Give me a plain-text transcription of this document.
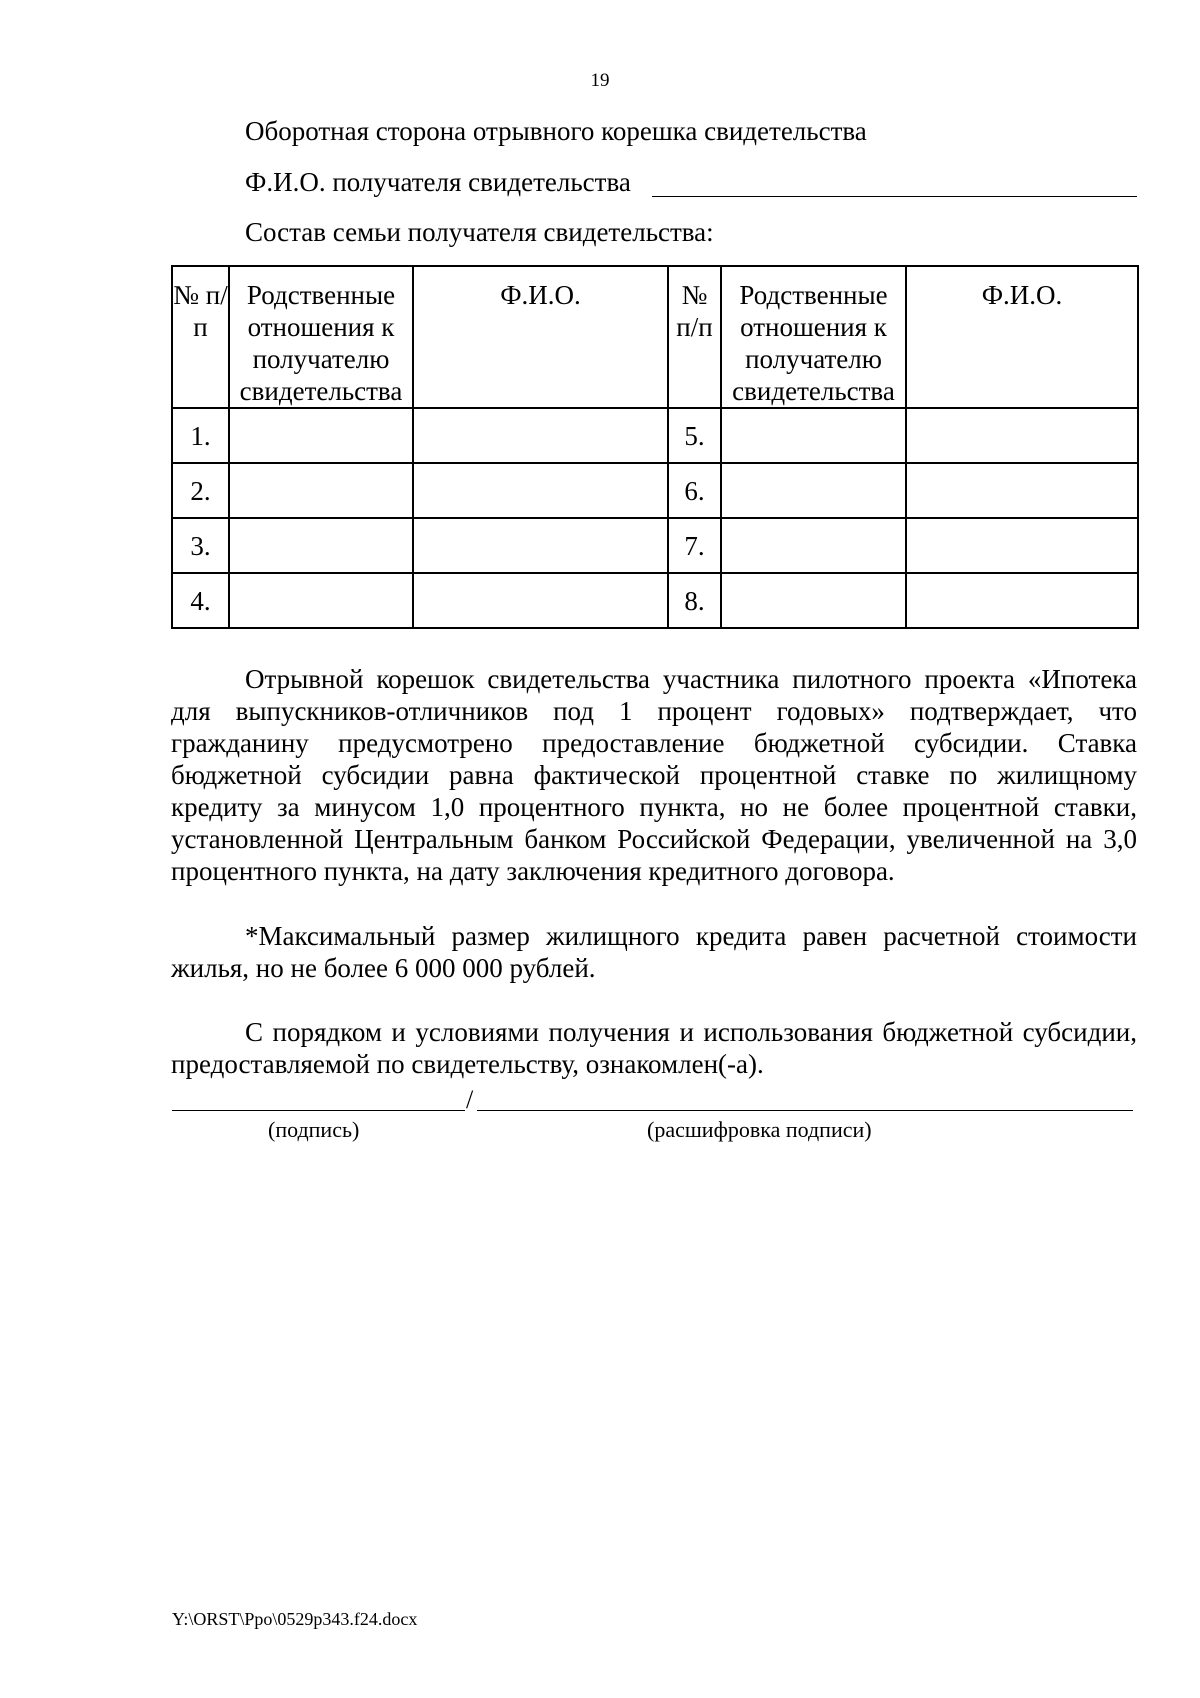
19
Оборотная сторона отрывного корешка свидетельства
Ф.И.О. получателя свидетельства
Состав семьи получателя свидетельства:
№ п/п	Родственные отношения к получателю свидетельства	Ф.И.О.	№ п/п	Родственные отношения к получателю свидетельства	Ф.И.О.
1.			5.		
2.			6.		
3.			7.		
4.			8.		

Отрывной корешок свидетельства участника пилотного проекта «Ипотека для выпускников-отличников под 1 процент годовых» подтверждает, что гражданину предусмотрено предоставление бюджетной субсидии. Ставка бюджетной субсидии равна фактической процентной ставке по жилищному кредиту за минусом 1,0 процентного пункта, но не более процентной ставки, установленной Центральным банком Российской Федерации, увеличенной на 3,0 процентного пункта, на дату заключения кредитного договора.

*Максимальный размер жилищного кредита равен расчетной стоимости жилья, но не более 6 000 000 рублей.

С порядком и условиями получения и использования бюджетной субсидии, предоставляемой по свидетельству, ознакомлен(-а).

/
(подпись)	(расшифровка подписи)
Y:\ORST\Ppo\0529p343.f24.docx
